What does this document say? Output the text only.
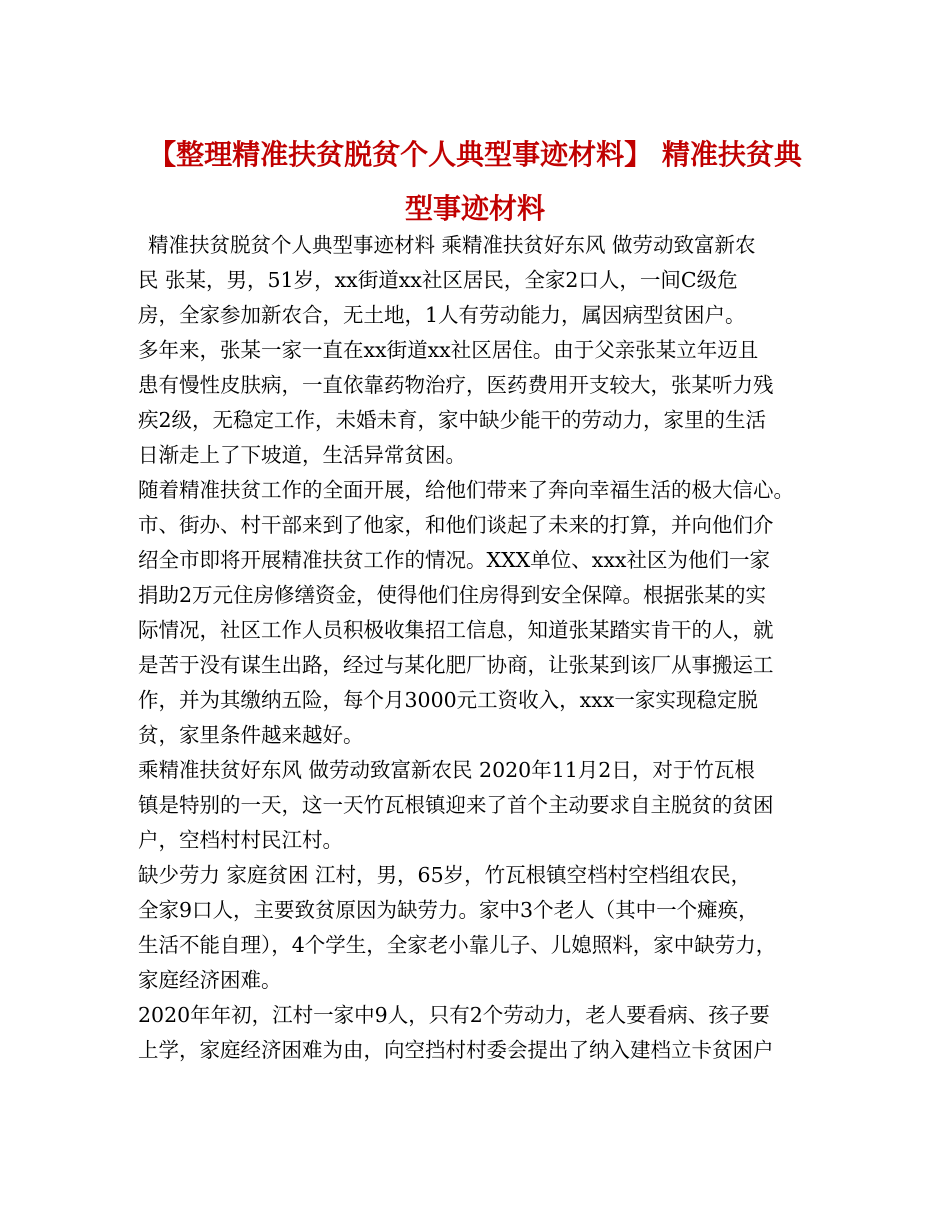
【整理精准扶贫脱贫个人典型事迹材料】 精准扶贫典
型事迹材料

精准扶贫脱贫个人典型事迹材料 乘精准扶贫好东风 做劳动致富新农

民 张某，男，51岁，xx街道xx社区居民，全家2口人，一间C级危

房，全家参加新农合，无土地，1人有劳动能力，属因病型贫困户。

多年来，张某一家一直在xx街道xx社区居住。由于父亲张某立年迈且

患有慢性皮肤病，一直依靠药物治疗，医药费用开支较大，张某听力残

疾2级，无稳定工作，未婚未育，家中缺少能干的劳动力，家里的生活

日渐走上了下坡道，生活异常贫困。

随着精准扶贫工作的全面开展，给他们带来了奔向幸福生活的极大信心。

市、街办、村干部来到了他家，和他们谈起了未来的打算，并向他们介

绍全市即将开展精准扶贫工作的情况。XXX单位、xxx社区为他们一家

捐助2万元住房修缮资金，使得他们住房得到安全保障。根据张某的实

际情况，社区工作人员积极收集招工信息，知道张某踏实肯干的人，就

是苦于没有谋生出路，经过与某化肥厂协商，让张某到该厂从事搬运工

作，并为其缴纳五险，每个月3000元工资收入，xxx一家实现稳定脱

贫，家里条件越来越好。

乘精准扶贫好东风 做劳动致富新农民 2020年11月2日，对于竹瓦根

镇是特别的一天，这一天竹瓦根镇迎来了首个主动要求自主脱贫的贫困

户，空档村村民江村。

缺少劳力 家庭贫困 江村，男，65岁，竹瓦根镇空档村空档组农民，

全家9口人，主要致贫原因为缺劳力。家中3个老人（其中一个瘫痪，

生活不能自理），4个学生，全家老小靠儿子、儿媳照料，家中缺劳力，

家庭经济困难。

2020年年初，江村一家中9人，只有2个劳动力，老人要看病、孩子要

上学，家庭经济困难为由，向空挡村村委会提出了纳入建档立卡贫困户
